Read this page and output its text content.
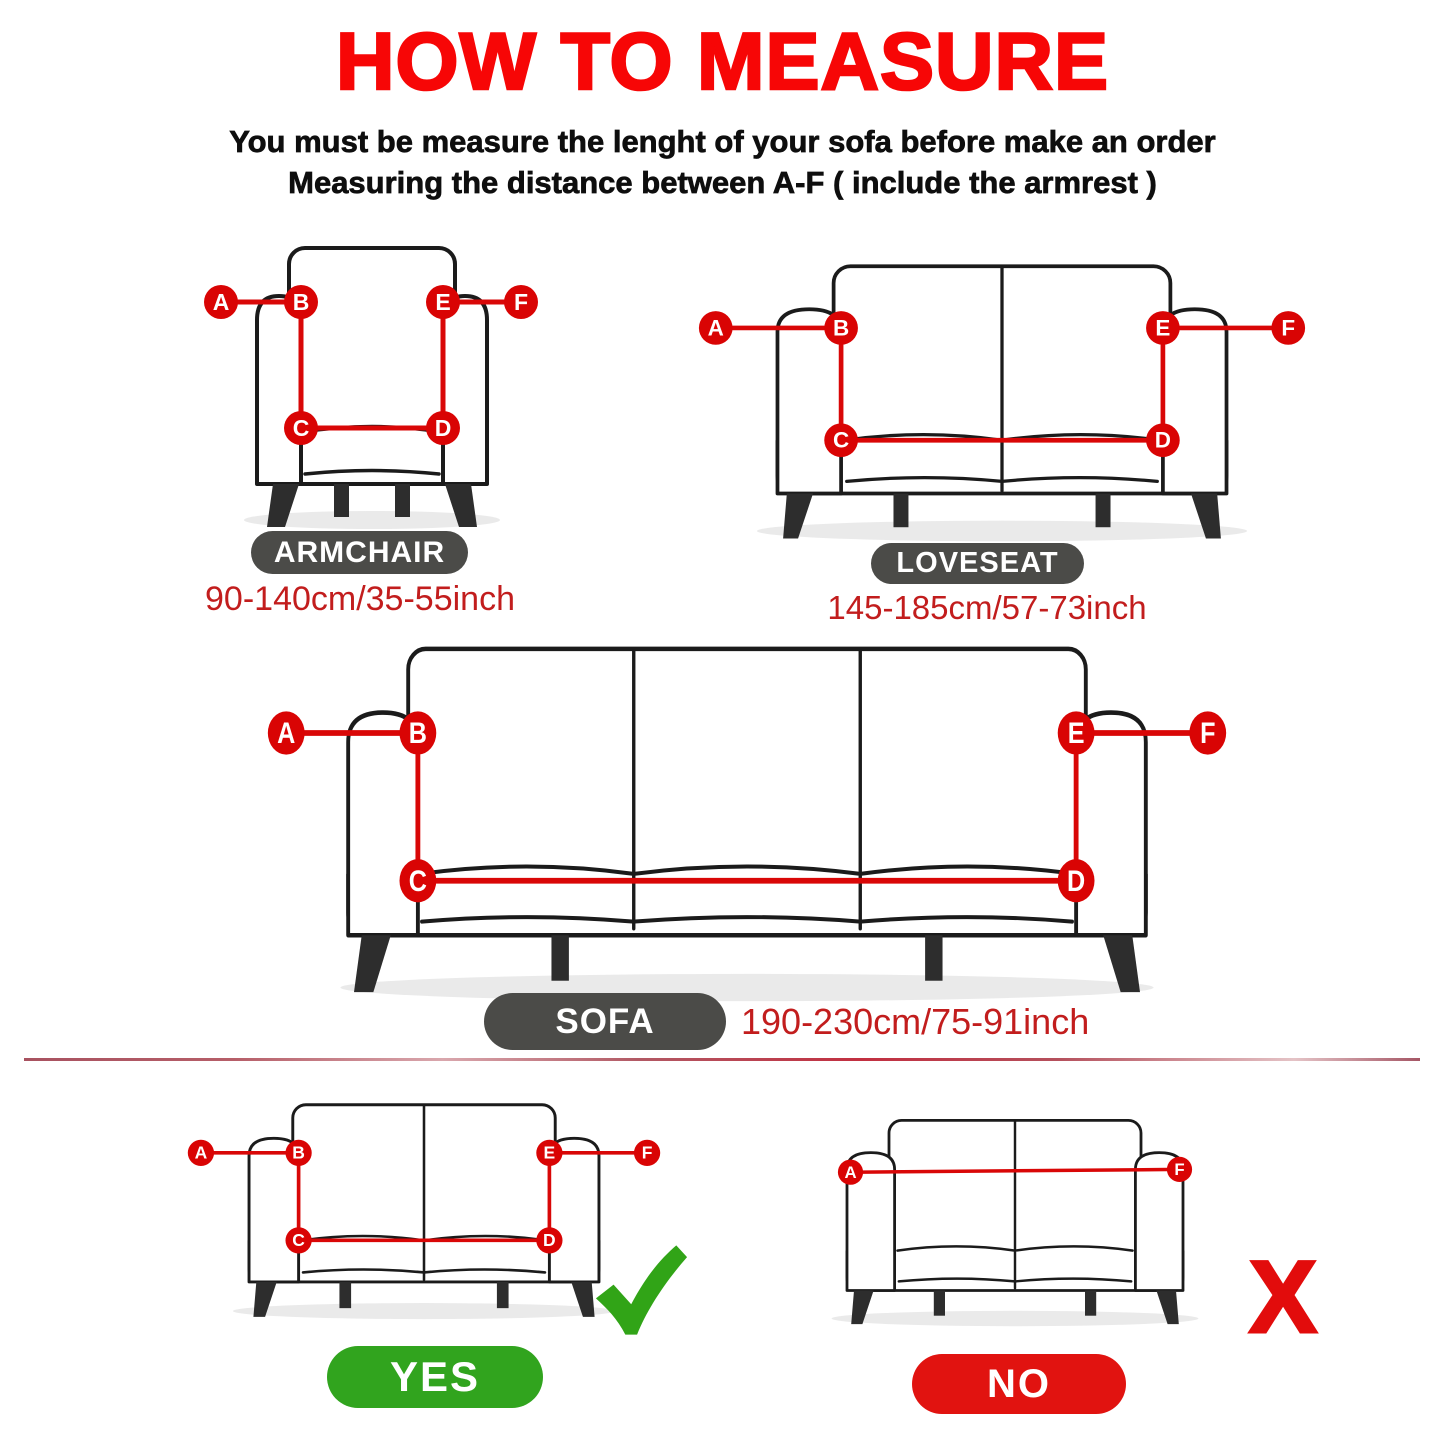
HOW TO MEASURE
You must be measure the lenght of your sofa before make an order
Measuring the distance between A-F ( include the armrest )
A	B
C	D
E	F
ARMCHAIR
90-140cm/35-55inch
A	B
C	D
E	F
LOVESEAT
145-185cm/57-73inch
A	B
C	D
E	F
SOFA 190-230cm/75-91inch
A	B
C	D
E	F
YES
A	F
X
NO
